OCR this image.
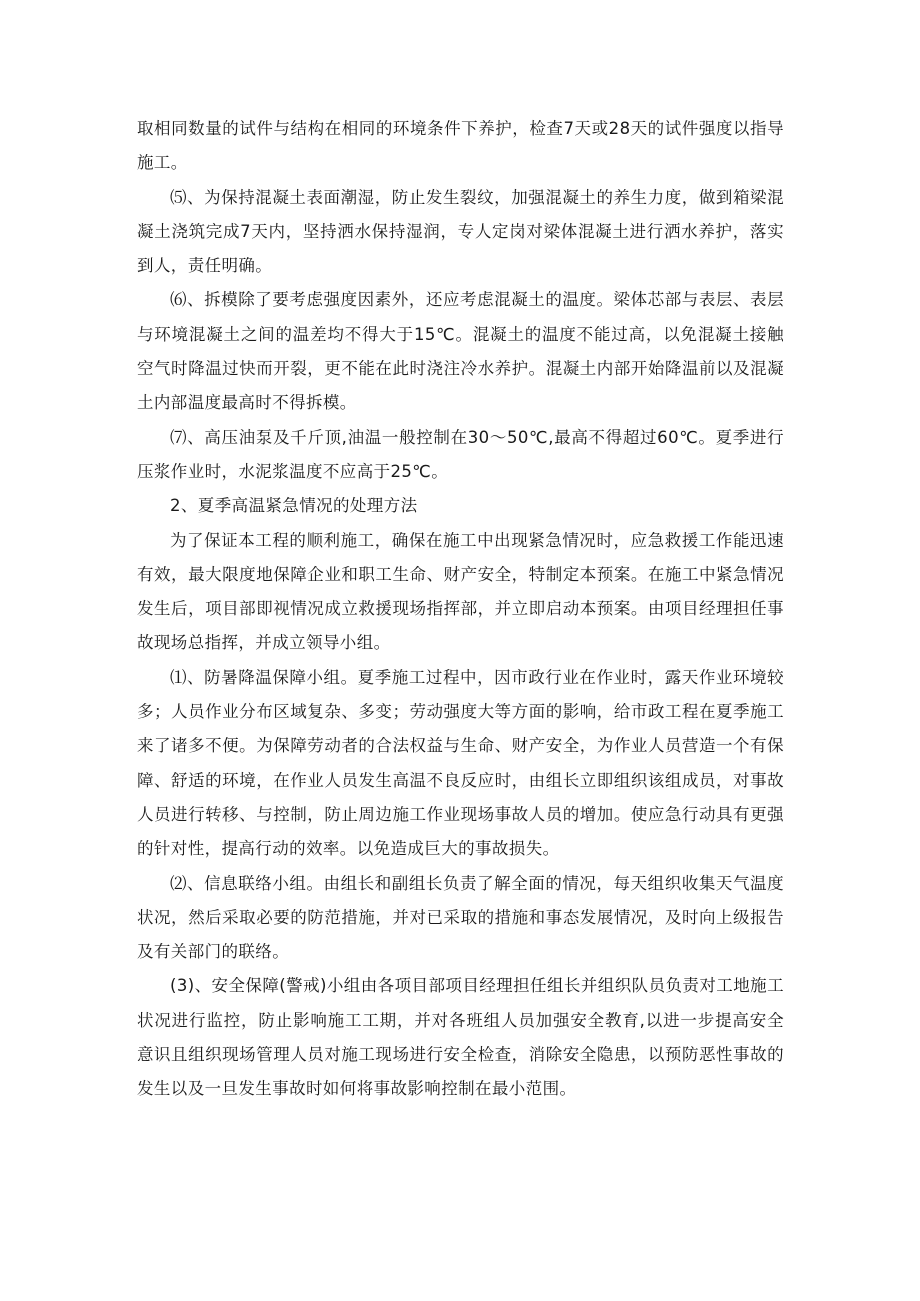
取相同数量的试件与结构在相同的环境条件下养护，检查7天或28天的试件强度以指导施工。

⑸、为保持混凝土表面潮湿，防止发生裂纹，加强混凝土的养生力度，做到箱梁混凝土浇筑完成7天内，坚持洒水保持湿润，专人定岗对梁体混凝土进行洒水养护，落实到人，责任明确。

⑹、拆模除了要考虑强度因素外，还应考虑混凝土的温度。梁体芯部与表层、表层与环境混凝土之间的温差均不得大于15℃。混凝土的温度不能过高，以免混凝土接触空气时降温过快而开裂，更不能在此时浇注冷水养护。混凝土内部开始降温前以及混凝土内部温度最高时不得拆模。

⑺、高压油泵及千斤顶,油温一般控制在30～50℃,最高不得超过60℃。夏季进行压浆作业时，水泥浆温度不应高于25℃。

2、夏季高温紧急情况的处理方法

为了保证本工程的顺利施工，确保在施工中出现紧急情况时，应急救援工作能迅速有效，最大限度地保障企业和职工生命、财产安全，特制定本预案。在施工中紧急情况发生后，项目部即视情况成立救援现场指挥部，并立即启动本预案。由项目经理担任事故现场总指挥，并成立领导小组。

⑴、防暑降温保障小组。夏季施工过程中，因市政行业在作业时，露天作业环境较多；人员作业分布区域复杂、多变；劳动强度大等方面的影响，给市政工程在夏季施工来了诸多不便。为保障劳动者的合法权益与生命、财产安全，为作业人员营造一个有保障、舒适的环境，在作业人员发生高温不良反应时，由组长立即组织该组成员，对事故人员进行转移、与控制，防止周边施工作业现场事故人员的增加。使应急行动具有更强的针对性，提高行动的效率。以免造成巨大的事故损失。

⑵、信息联络小组。由组长和副组长负责了解全面的情况，每天组织收集天气温度状况，然后采取必要的防范措施，并对已采取的措施和事态发展情况，及时向上级报告及有关部门的联络。

(3)、安全保障(警戒)小组由各项目部项目经理担任组长并组织队员负责对工地施工状况进行监控，防止影响施工工期，并对各班组人员加强安全教育,以进一步提高安全意识且组织现场管理人员对施工现场进行安全检查，消除安全隐患，以预防恶性事故的发生以及一旦发生事故时如何将事故影响控制在最小范围。
